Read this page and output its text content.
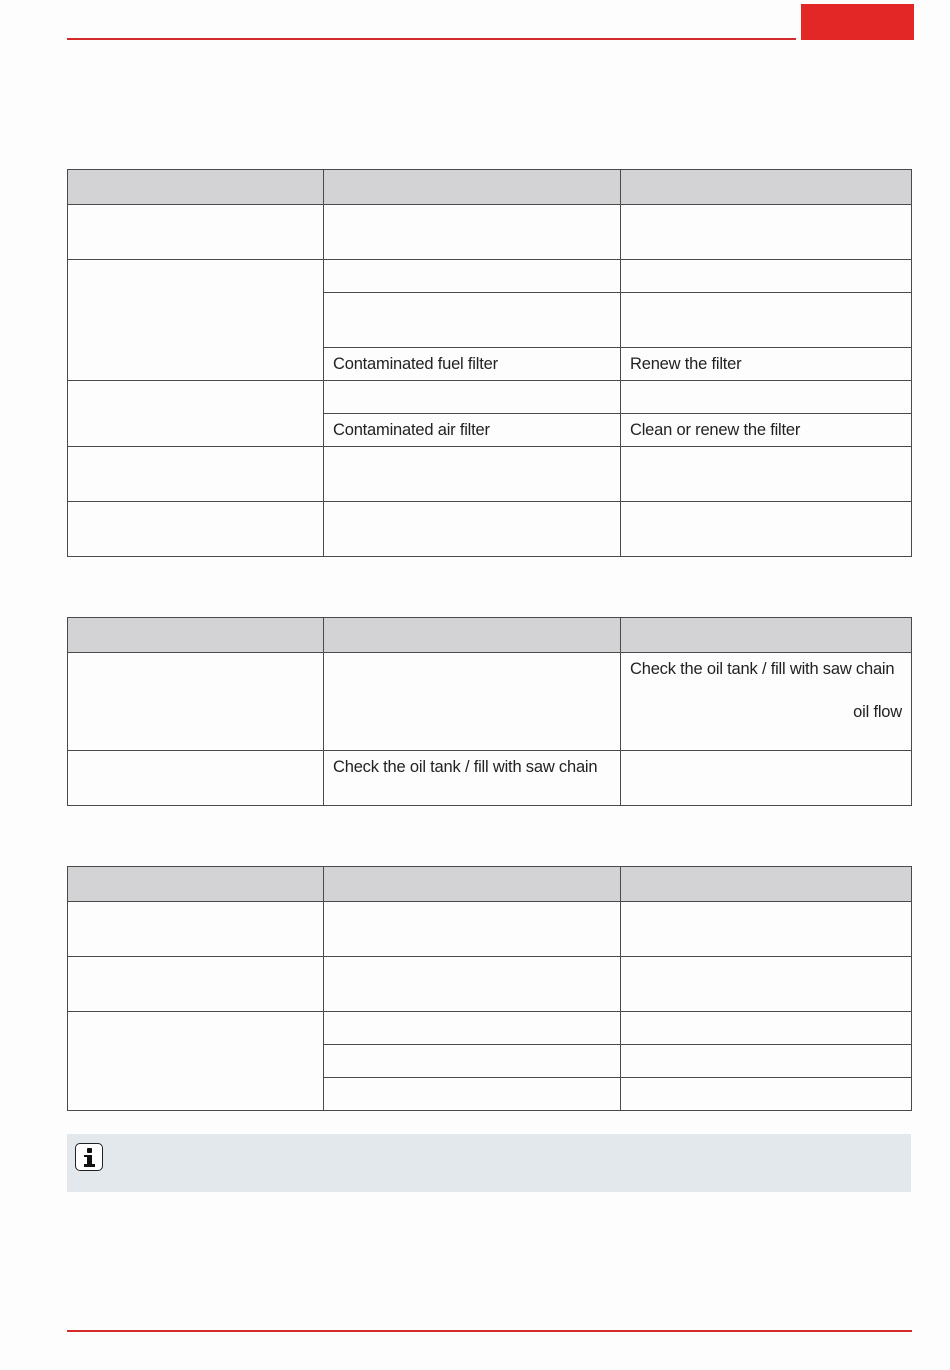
	Contaminated fuel filter	Renew the filter

	Contaminated air filter	Clean or renew the filter

		Check the oil tank / fill with saw chain
oil flow

	Check the oil tank / fill with saw chain	
